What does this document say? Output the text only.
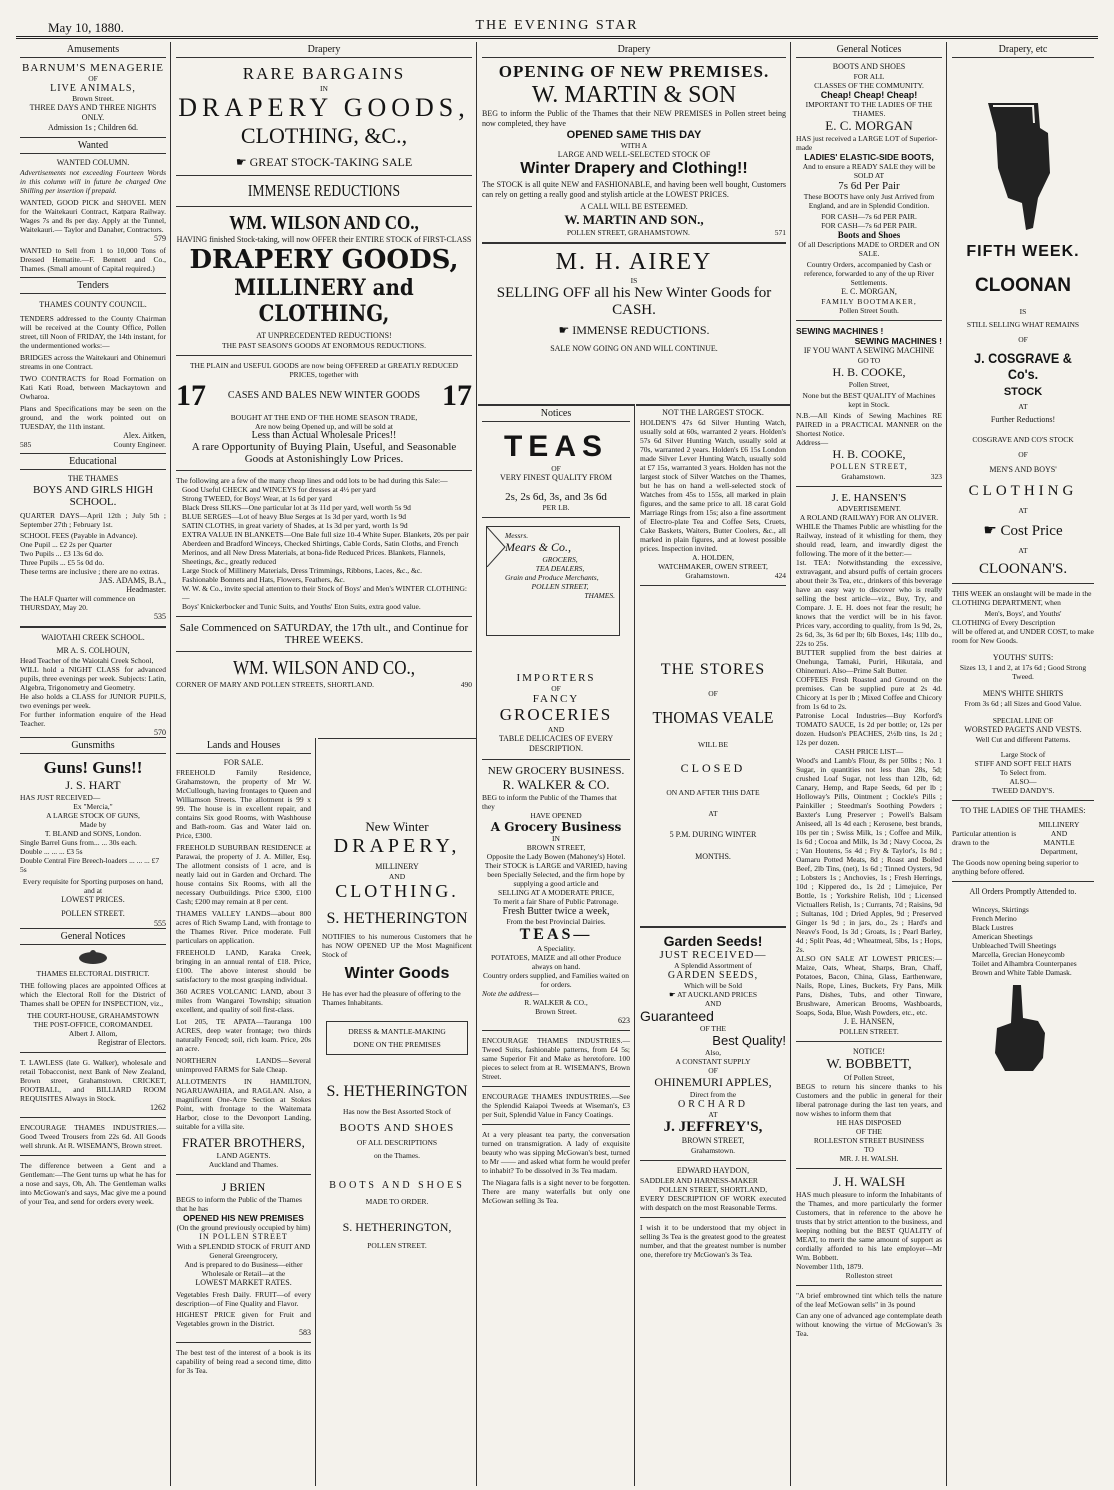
May 10, 1880.	THE EVENING STAR
Amusements
BARNUM'S MENAGERIE
OF
LIVE ANIMALS,
Brown Street.
THREE DAYS AND THREE NIGHTS ONLY.
Admission 1s ; Children 6d.
Wanted
WANTED COLUMN.
Advertisements not exceeding Fourteen Words in this column will in future be charged One Shilling per insertion if prepaid.
WANTED, GOOD PICK and SHOVEL MEN for the Waitekauri Contract, Katpara Railway. Wages 7s and 8s per day. Apply at the Tunnel, Waitekauri.— Taylor and Danaher, Contractors.
579
WANTED to Sell from 1 to 10,000 Tons of Dressed Hematite.—F. Bennett and Co., Thames. (Small amount of Capital required.)
Tenders
THAMES COUNTY COUNCIL.
TENDERS addressed to the County Chairman will be received at the County Office, Pollen street, till Noon of FRIDAY, the 14th instant, for the undermentioned works:—
BRIDGES across the Waitekauri and Ohinemuri streams in one Contract.
TWO CONTRACTS for Road Formation on Kati Kati Road, between Mackaytown and Owharoa.
Plans and Specifications may be seen on the ground, and the work pointed out on TUESDAY, the 11th instant.
Alex. Aitken,
585	County Engineer.
Educational
THE THAMES
BOYS AND GIRLS HIGH SCHOOL.
QUARTER DAYS—April 12th ; July 5th ; September 27th ; February 1st.
SCHOOL FEES (Payable in Advance).
One Pupil ... £2 2s per Quarter
Two Pupils ... £3 13s 6d do.
Three Pupils ... £5 5s 0d do.
These terms are inclusive ; there are no extras.
JAS. ADAMS, B.A.,
Headmaster.
The HALF Quarter will commence on THURSDAY, May 20.
535
WAIOTAHI CREEK SCHOOL.
MR A. S. COLHOUN,
Head Teacher of the Waiotahi Creek School,
WILL hold a NIGHT CLASS for advanced pupils, three evenings per week. Subjects: Latin, Algebra, Trigonometry and Geometry.
He also holds a CLASS for JUNIOR PUPILS, two evenings per week.
For further information enquire of the Head Teacher.
570
Gunsmiths
Guns! Guns!!
J. S. HART
HAS JUST RECEIVED—
Ex "Mercia,"
A LARGE STOCK OF GUNS,
Made by
T. BLAND and SONS, London.
Single Barrel Guns from... ... 30s each.
Double ... ... ... £3 5s
Double Central Fire Breech-loaders ... ... ... £7 5s
Every requisite for Sporting purposes on hand, and at
LOWEST PRICES.
POLLEN STREET.
555
General Notices
THAMES ELECTORAL DISTRICT.
THE following places are appointed Offices at which the Electoral Roll for the District of Thames shall be OPEN for INSPECTION, viz.,
THE COURT-HOUSE, GRAHAMSTOWN
THE POST-OFFICE, COROMANDEL
Albert J. Allom,
Registrar of Electors.
T. LAWLESS (late G. Walker), wholesale and retail Tobacconist, next Bank of New Zealand, Brown street, Grahamstown. CRICKET, FOOTBALL, and BILLIARD ROOM REQUISITES Always in Stock.
1262
ENCOURAGE THAMES INDUSTRIES.—Good Tweed Trousers from 22s 6d. All Goods well shrunk. At R. WISEMAN'S, Brown street.
The difference between a Gent and a Gentleman:—The Gent turns up what he has for a nose and says, Oh, Ah. The Gentleman walks into McGowan's and says, Mac give me a pound of your Tea, and send for orders every week.
Drapery
RARE BARGAINS
IN
DRAPERY GOODS,
CLOTHING, &C.,
☛ GREAT STOCK-TAKING SALE
IMMENSE REDUCTIONS
WM. WILSON AND CO.,
HAVING finished Stock-taking, will now OFFER their ENTIRE STOCK of FIRST-CLASS
DRAPERY GOODS,
MILLINERY and CLOTHING,
AT UNPRECEDENTED REDUCTIONS!
THE PAST SEASON'S GOODS AT ENORMOUS REDUCTIONS.
THE PLAIN and USEFUL GOODS are now being OFFERED at GREATLY REDUCED PRICES, together with
17 CASES AND BALES NEW WINTER GOODS 17
BOUGHT AT THE END OF THE HOME SEASON TRADE,
Are now being Opened up, and will be sold at
Less than Actual Wholesale Prices!!
A rare Opportunity of Buying Plain, Useful, and Seasonable Goods at Astonishingly Low Prices.
The following are a few of the many cheap lines and odd lots to be had during this Sale:—
Good Useful CHECK and WINCEYS for dresses at 4½ per yard
Strong TWEED, for Boys' Wear, at 1s 6d per yard
Black Dress SILKS—One particular lot at 3s 11d per yard, well worth 5s 9d
BLUE SERGES—Lot of heavy Blue Serges at 1s 3d per yard, worth 1s 9d
SATIN CLOTHS, in great variety of Shades, at 1s 3d per yard, worth 1s 9d
EXTRA VALUE IN BLANKETS—One Bale full size 10-4 White Super. Blankets, 20s per pair
Aberdeen and Bradford Winceys, Checked Shirtings, Cable Cords, Satin Cloths, and French Merinos, and all New Dress Materials, at bona-fide Reduced Prices. Blankets, Flannels, Sheetings, &c., greatly reduced
Large Stock of Millinery Materials, Dress Trimmings, Ribbons, Laces, &c., &c.
Fashionable Bonnets and Hats, Flowers, Feathers, &c.
W. W. & Co., invite special attention to their Stock of Boys' and Men's WINTER CLOTHING:—
Boys' Knickerbocker and Tunic Suits, and Youths' Eton Suits, extra good value.
Sale Commenced on SATURDAY, the 17th ult., and Continue for THREE WEEKS.
WM. WILSON AND CO.,
CORNER OF MARY AND POLLEN STREETS, SHORTLAND.	490
Lands and Houses
FOR SALE.
FREEHOLD Family Residence, Grahamstown, the property of Mr W. McCullough, having frontages to Queen and Williamson Streets. The allotment is 99 x 99. The house is in excellent repair, and contains Six good Rooms, with Washhouse and Bath-room. Gas and Water laid on. Price, £300.
FREEHOLD SUBURBAN RESIDENCE at Parawai, the property of J. A. Miller, Esq. The allotment consists of 1 acre, and is neatly laid out in Garden and Orchard. The house contains Six Rooms, with all the necessary Outbuildings. Price £300, £100 Cash; £200 may remain at 8 per cent.
THAMES VALLEY LANDS—about 800 acres of Rich Swamp Land, with frontage to the Thames River. Price moderate. Full particulars on application.
FREEHOLD LAND, Karaka Creek, bringing in an annual rental of £18. Price, £100. The above interest should be satisfactory to the most grasping individual.
360 ACRES VOLCANIC LAND, about 3 miles from Wangarei Township; situation excellent, and quality of soil first-class.
Lot 205, TE APATA—Tauranga 100 ACRES, deep water frontage; two thirds naturally Fenced; soil, rich loam. Price, 20s an acre.
NORTHERN LANDS—Several unimproved FARMS for Sale Cheap.
ALLOTMENTS IN HAMILTON, NGARUAWAHIA, and RAGLAN. Also, a magnificent One-Acre Section at Stokes Point, with frontage to the Waitemata Harbor, close to the Devonport Landing, suitable for a villa site.
FRATER BROTHERS,
LAND AGENTS.
Auckland and Thames.
J BRIEN
BEGS to inform the Public of the Thames that he has
OPENED HIS NEW PREMISES
(On the ground previously occupied by him)
IN POLLEN STREET
With a SPLENDID STOCK of FRUIT AND
General Greengrocery,
And is prepared to do Business—either Wholesale or Retail—at the
LOWEST MARKET RATES.
Vegetables Fresh Daily. FRUIT—of every description—of Fine Quality and Flavor.
HIGHEST PRICE given for Fruit and Vegetables grown in the District.
583
The best test of the interest of a book is its capability of being read a second time, ditto for 3s Tea.
New Winter
DRAPERY,
MILLINERY
AND
CLOTHING.
S. HETHERINGTON
NOTIFIES to his numerous Customers that he has NOW OPENED UP the Most Magnificent Stock of
Winter Goods
He has ever had the pleasure of offering to the Thames Inhabitants.
DRESS & MANTLE-MAKING
DONE ON THE PREMISES
S. HETHERINGTON
Has now the Best Assorted Stock of
BOOTS AND SHOES
OF ALL DESCRIPTIONS
on the Thames.
BOOTS AND SHOES
MADE TO ORDER.
S. HETHERINGTON,
POLLEN STREET.
Drapery
OPENING OF NEW PREMISES.
W. MARTIN & SON
BEG to inform the Public of the Thames that their NEW PREMISES in Pollen street being now completed, they have
OPENED SAME THIS DAY
WITH A
LARGE AND WELL-SELECTED STOCK OF
Winter Drapery and Clothing!!
The STOCK is all quite NEW and FASHIONABLE, and having been well bought, Customers can rely on getting a really good and stylish article at the LOWEST PRICES.
A CALL WILL BE ESTEEMED.
W. MARTIN AND SON.,
POLLEN STREET, GRAHAMSTOWN.	571
M. H. AIREY
IS
SELLING OFF all his New Winter Goods for CASH.
☛ IMMENSE REDUCTIONS.
SALE NOW GOING ON AND WILL CONTINUE.
Notices
TEAS
OF
VERY FINEST QUALITY FROM
2s, 2s 6d, 3s, and 3s 6d
PER LB.
Messrs.
Mears & Co.,
GROCERS,
TEA DEALERS,
Grain and Produce Merchants,
POLLEN STREET,
THAMES.
IMPORTERS
OF
FANCY
GROCERIES
AND
TABLE DELICACIES OF EVERY DESCRIPTION.
NEW GROCERY BUSINESS.
R. WALKER & CO.
BEG to inform the Public of the Thames that they
HAVE OPENED
A Grocery Business
IN
BROWN STREET,
Opposite the Lady Bowen (Mahoney's) Hotel.
Their STOCK is LARGE and VARIED, having been Specially Selected, and the firm hope by supplying a good article and
SELLING AT A MODERATE PRICE,
To merit a fair Share of Public Patronage.
Fresh Butter twice a week,
From the best Provincial Dairies.
TEAS—
A Speciality.
POTATOES, MAIZE and all other Produce always on hand.
Country orders supplied, and Families waited on for orders.
Note the address—
R. WALKER & CO.,
Brown Street.
623
ENCOURAGE THAMES INDUSTRIES.—Tweed Suits, fashionable patterns, from £4 5s; same Superior Fit and Make as heretofore. 100 pieces to select from at R. WISEMAN'S, Brown Street.
ENCOURAGE THAMES INDUSTRIES.—See the Splendid Kaiapoi Tweeds at Wiseman's, £3 per Suit, Splendid Value in Fancy Coatings.
At a very pleasant tea party, the conversation turned on transmigration. A lady of exquisite beauty who was sipping McGowan's best, turned to Mr —— and asked what form he would prefer to inhabit? To be dissolved in 3s Tea madam.
The Niagara falls is a sight never to be forgotten. There are many waterfalls but only one McGowan selling 3s Tea.
NOT THE LARGEST STOCK.
HOLDEN'S 47s 6d Silver Hunting Watch, usually sold at 60s, warranted 2 years. Holden's 57s 6d Silver Hunting Watch, usually sold at 70s, warranted 2 years. Holden's £6 15s London made Silver Lever Hunting Watch, usually sold at £7 15s, warranted 3 years. Holden has not the largest stock of Silver Watches on the Thames, but he has on hand a well-selected stock of Watches from 45s to 155s, all marked in plain figures, and the same price to all. 18 carat Gold Marriage Rings from 15s; also a fine assortment of Electro-plate Tea and Coffee Sets, Cruets, Cake Baskets, Waiters, Butter Coolers, &c., all marked in plain figures, and at lowest possible prices. Inspection invited.
A. HOLDEN,
WATCHMAKER, OWEN STREET,
Grahamstown.	424
THE STORES
OF
THOMAS VEALE
WILL BE
CLOSED
ON AND AFTER THIS DATE
AT
5 P.M. DURING WINTER
MONTHS.
Garden Seeds!
JUST RECEIVED—
A Splendid Assortment of
GARDEN SEEDS,
Which will be Sold
☛ AT AUCKLAND PRICES
AND
Guaranteed
OF THE
Best Quality!
Also,
A CONSTANT SUPPLY
OF
OHINEMURI APPLES,
Direct from the
ORCHARD
AT
J. JEFFREY'S,
BROWN STREET,
Grahamstown.
EDWARD HAYDON,
SADDLER AND HARNESS-MAKER
POLLEN STREET, SHORTLAND,
EVERY DESCRIPTION OF WORK executed with despatch on the most Reasonable Terms.
I wish it to be understood that my object in selling 3s Tea is the greatest good to the greatest number, and that the greatest number is number one, therefore try McGowan's 3s Tea.
General Notices
BOOTS AND SHOES
FOR ALL
CLASSES OF THE COMMUNITY.
Cheap! Cheap! Cheap!
IMPORTANT TO THE LADIES OF THE THAMES.
E. C. MORGAN
HAS just received a LARGE LOT of Superior-made
LADIES' ELASTIC-SIDE BOOTS,
And to ensure a READY SALE they will be SOLD AT
7s 6d Per Pair
These BOOTS have only Just Arrived from England, and are in Splendid Condition.
FOR CASH—7s 6d PER PAIR.
FOR CASH—7s 6d PER PAIR.
Boots and Shoes
Of all Descriptions MADE to ORDER and ON SALE.
Country Orders, accompanied by Cash or reference, forwarded to any of the up River Settlements.
E. C. MORGAN,
FAMILY BOOTMAKER,
Pollen Street South.
SEWING MACHINES !
SEWING MACHINES !
IF YOU WANT A SEWING MACHINE
GO TO
H. B. COOKE,
Pollen Street,
None but the BEST QUALITY of Machines kept in Stock.
N.B.—All Kinds of Sewing Machines RE PAIRED in a PRACTICAL MANNER on the Shortest Notice.
Address—
H. B. COOKE,
POLLEN STREET,
Grahamstown.	323
J. E. HANSEN'S
ADVERTISEMENT.
A ROLAND (RAILWAY) FOR AN OLIVER.
WHILE the Thames Public are whistling for the Railway, instead of it whistling for them, they should read, learn, and inwardly digest the following. The more of it the better:—
1st. TEA: Notwithstanding the excessive, extravagant, and absurd puffs of certain grocers about their 3s Tea, etc., drinkers of this beverage have an easy way to discover who is really selling the best article—viz., Buy, Try, and Compare. J. E. H. does not fear the result; he knows that the verdict will be in his favor. Prices vary, according to quality, from 1s 9d, 2s, 2s 6d, 3s, 3s 6d per lb; 6lb Boxes, 14s; 11lb do., 22s to 25s.
BUTTER supplied from the best dairies at Onehunga, Tamaki, Puriri, Hikutaia, and Ohinemuri. Also—Prime Salt Butter.
COFFEES Fresh Roasted and Ground on the premises. Can be supplied pure at 2s 4d. Chicory at 1s per lb ; Mixed Coffee and Chicory from 1s 6d to 2s.
Patronise Local Industries—Buy Korford's TOMATO SAUCE, 1s 2d per bottle; or, 12s per dozen. Hudson's PEACHES, 2½lb tins, 1s 2d ; 12s per dozen.
CASH PRICE LIST—
Wood's and Lamb's Flour, 8s per 50lbs ; No. 1 Sugar, in quantities not less than 28s, 5d; crushed Loaf Sugar, not less than 12lb, 6d; Canary, Hemp, and Rape Seeds, 6d per lb ; Holloway's Pills, Ointment ; Cockle's Pills ; Painkiller ; Steedman's Soothing Powders ; Baxter's Lung Preserver ; Powell's Balsam Aniseed, all 1s 4d each ; Kerosene, best brands, 10s per tin ; Swiss Milk, 1s ; Coffee and Milk, 1s 6d ; Cocoa and Milk, 1s 3d ; Navy Cocoa, 2s ; Van Houtens, 5s 4d ; Fry & Taylor's, 1s 8d ; Oamaru Potted Meats, 8d ; Roast and Boiled Beef, 2lb Tins, (net), 1s 6d ; Tinned Oysters, 9d ; Lobsters 1s ; Anchovies, 1s ; Fresh Herrings, 10d ; Kippered do., 1s 2d ; Limejuice, Per Bottle, 1s ; Yorkshire Relish, 10d ; Licensed Victuallers Relish, 1s ; Currants, 7d ; Raisins, 9d ; Sultanas, 10d ; Dried Apples, 9d ; Preserved Ginger 1s 9d ; in jars, do., 2s ; Hard's and Neave's Food, 1s 3d ; Groats, 1s ; Pearl Barley, 4d ; Split Peas, 4d ; Wheatmeal, 5lbs, 1s ; Hops, 2s.
ALSO ON SALE AT LOWEST PRICES:— Maize, Oats, Wheat, Sharps, Bran, Chaff, Potatoes, Bacon, China, Glass, Earthenware, Nails, Rope, Lines, Buckets, Fry Pans, Milk Pans, Dishes, Tubs, and other Tinware, Brushware, American Brooms, Washboards, Soaps, Soda, Blue, Wash Powders, etc., etc.
J. E. HANSEN,
POLLEN STREET.
NOTICE!
W. BOBBETT,
Of Pollen Street,
BEGS to return his sincere thanks to his Customers and the public in general for their liberal patronage during the last ten years, and now wishes to inform them that
HE HAS DISPOSED
OF THE
ROLLESTON STREET BUSINESS
TO
MR. J. H. WALSH.
J. H. WALSH
HAS much pleasure to inform the Inhabitants of the Thames, and more particularly the former Customers, that in reference to the above he trusts that by strict attention to the business, and keeping nothing but the BEST QUALITY of MEAT, to merit the same amount of support as cordially afforded to his late employer—Mr Wm. Bobbett.
November 11th, 1879.
Rolleston street
"A brief embrowned tint which tells the nature of the leaf McGowan sells" in 3s pound
Can any one of advanced age contemplate death without knowing the virtue of McGowan's 3s Tea.
Drapery, etc
FIFTH WEEK.
CLOONAN
IS
STILL SELLING WHAT REMAINS
OF
J. COSGRAVE & Co's.
STOCK
AT
Further Reductions!
COSGRAVE AND CO'S STOCK
OF
MEN'S AND BOYS'
CLOTHING
AT
☛ Cost Price
AT
CLOONAN'S.
THIS WEEK an onslaught will be made in the CLOTHING DEPARTMENT, when
Men's, Boys', and Youths'
CLOTHING of Every Description
will be offered at, and UNDER COST, to make room for New Goods.
YOUTHS' SUITS:
Sizes 13, 1 and 2, at 17s 6d ; Good Strong Tweed.
MEN'S WHITE SHIRTS
From 3s 6d ; all Sizes and Good Value.
SPECIAL LINE OF
WORSTED PAGETS AND VESTS.
Well Cut and different Patterns.
Large Stock of
STIFF AND SOFT FELT HATS
To Select from.
ALSO—
TWEED DANDY'S.
TO THE LADIES OF THE THAMES:
Particular attention is drawn to the
MILLINERY
AND
MANTLE
Department,
The Goods now opening being superior to anything before offered.
All Orders Promptly Attended to.
Winceys, Skirtings
French Merino
Black Lustres
American Sheetings
Unbleached Twill Sheetings
Marcella, Grecian Honeycomb
Toilet and Alhambra Counterpanes
Brown and White Table Damask.
